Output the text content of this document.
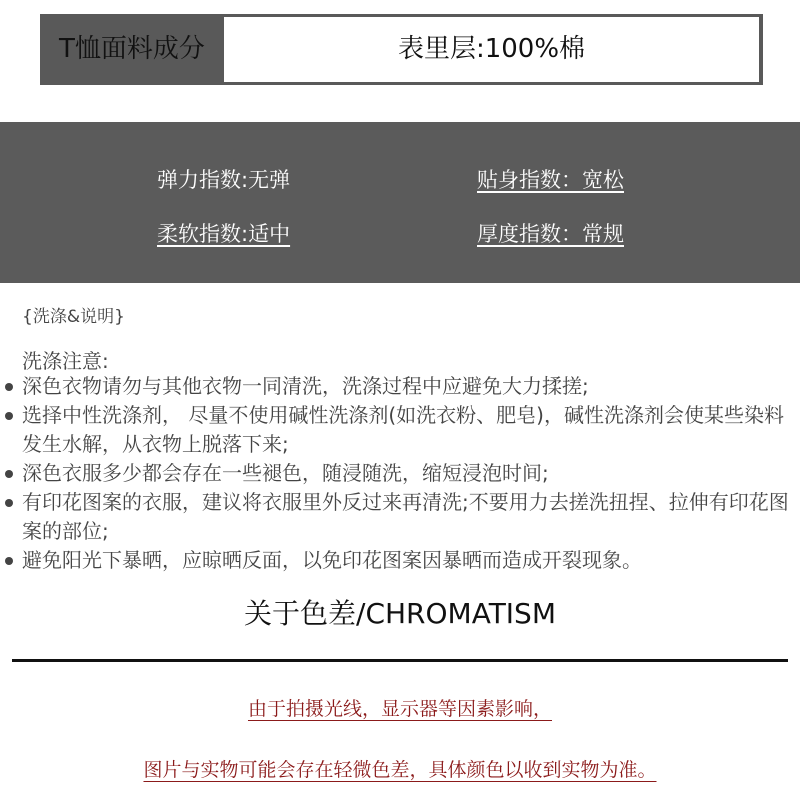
T恤面料成分	表里层:100%棉
弹力指数:无弹	贴身指数：宽松
柔软指数:适中	厚度指数：常规
{洗涤&说明}
洗涤注意:
深色衣物请勿与其他衣物一同清洗，洗涤过程中应避免大力揉搓;
选择中性洗涤剂， 尽量不使用碱性洗涤剂(如洗衣粉、肥皂)，碱性洗涤剂会使某些染料发生水解，从衣物上脱落下来;
深色衣服多少都会存在一些褪色，随浸随洗，缩短浸泡时间;
有印花图案的衣服，建议将衣服里外反过来再清洗;不要用力去搓洗扭捏、拉伸有印花图案的部位;
避免阳光下暴晒，应晾晒反面，以免印花图案因暴晒而造成开裂现象。
关于色差/CHROMATISM
由于拍摄光线，显示器等因素影响，
图片与实物可能会存在轻微色差，具体颜色以收到实物为准。
